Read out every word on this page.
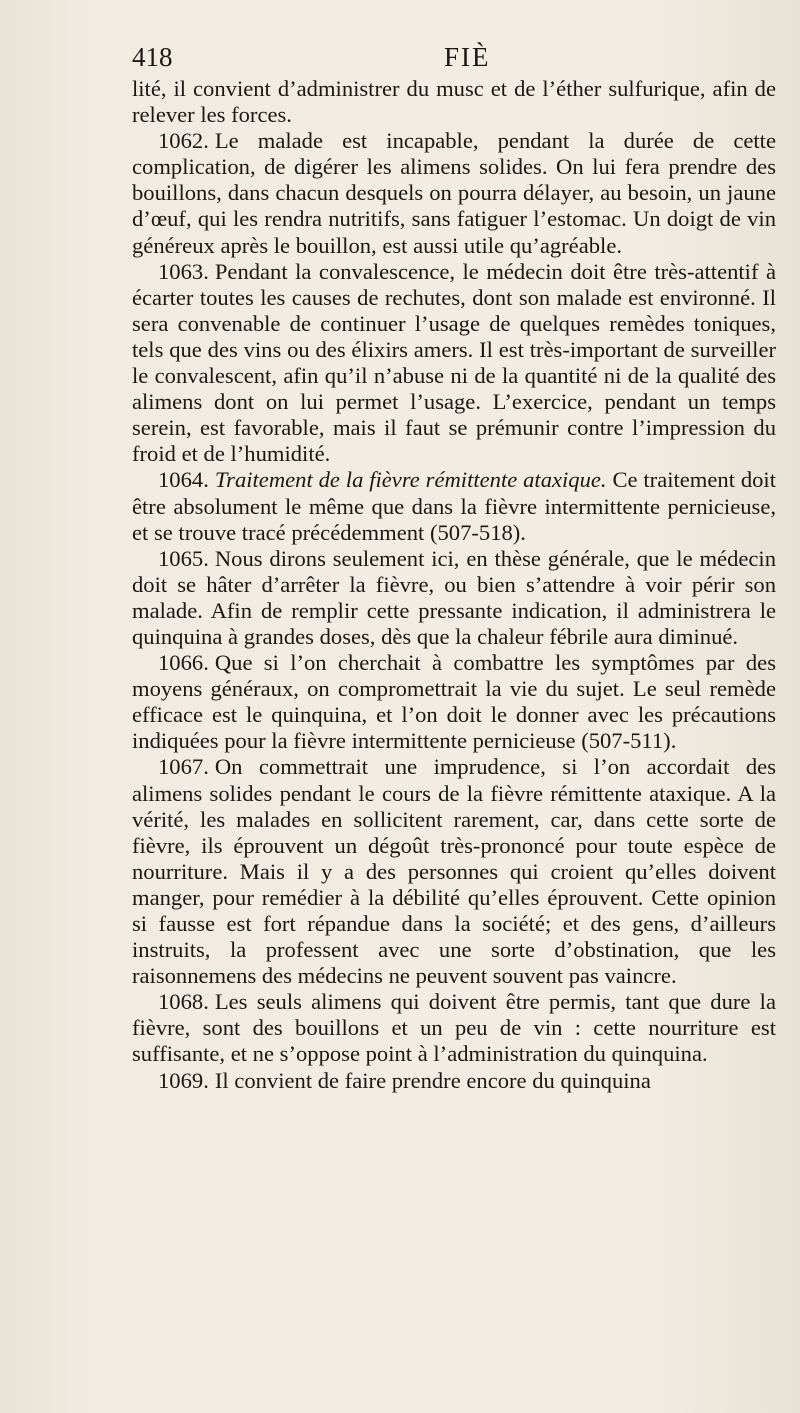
418	FIÈ

lité, il convient d’administrer du musc et de l’éther sulfurique, afin de relever les forces.

1062. Le malade est incapable, pendant la durée de cette complication, de digérer les alimens solides. On lui fera prendre des bouillons, dans chacun desquels on pourra délayer, au besoin, un jaune d’œuf, qui les rendra nutritifs, sans fatiguer l’estomac. Un doigt de vin généreux après le bouillon, est aussi utile qu’agréable.

1063. Pendant la convalescence, le médecin doit être très-attentif à écarter toutes les causes de rechutes, dont son malade est environné. Il sera convenable de continuer l’usage de quelques remèdes toniques, tels que des vins ou des élixirs amers. Il est très-important de surveiller le convalescent, afin qu’il n’abuse ni de la quantité ni de la qualité des alimens dont on lui permet l’usage. L’exercice, pendant un temps serein, est favorable, mais il faut se prémunir contre l’impression du froid et de l’humidité.

1064. Traitement de la fièvre rémittente ataxique. Ce traitement doit être absolument le même que dans la fièvre intermittente pernicieuse, et se trouve tracé précédemment (507-518).

1065. Nous dirons seulement ici, en thèse générale, que le médecin doit se hâter d’arrêter la fièvre, ou bien s’attendre à voir périr son malade. Afin de remplir cette pressante indication, il administrera le quinquina à grandes doses, dès que la chaleur fébrile aura diminué.

1066. Que si l’on cherchait à combattre les symptômes par des moyens généraux, on compromettrait la vie du sujet. Le seul remède efficace est le quinquina, et l’on doit le donner avec les précautions indiquées pour la fièvre intermittente pernicieuse (507-511).

1067. On commettrait une imprudence, si l’on accordait des alimens solides pendant le cours de la fièvre rémittente ataxique. A la vérité, les malades en sollicitent rarement, car, dans cette sorte de fièvre, ils éprouvent un dégoût très-prononcé pour toute espèce de nourriture. Mais il y a des personnes qui croient qu’elles doivent manger, pour remédier à la débilité qu’elles éprouvent. Cette opinion si fausse est fort répandue dans la société; et des gens, d’ailleurs instruits, la professent avec une sorte d’obstination, que les raisonnemens des médecins ne peuvent souvent pas vaincre.

1068. Les seuls alimens qui doivent être permis, tant que dure la fièvre, sont des bouillons et un peu de vin : cette nourriture est suffisante, et ne s’oppose point à l’administration du quinquina.

1069. Il convient de faire prendre encore du quinquina
